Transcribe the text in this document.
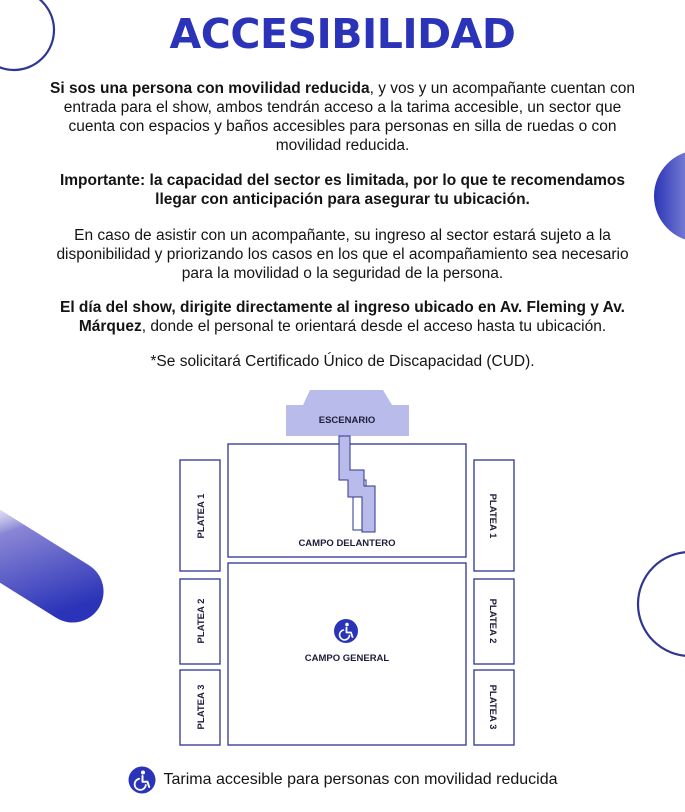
ACCESIBILIDAD

Si sos una persona con movilidad reducida, y vos y un acompañante cuentan con entrada para el show, ambos tendrán acceso a la tarima accesible, un sector que cuenta con espacios y baños accesibles para personas en silla de ruedas o con movilidad reducida.

Importante: la capacidad del sector es limitada, por lo que te recomendamos llegar con anticipación para asegurar tu ubicación.

En caso de asistir con un acompañante, su ingreso al sector estará sujeto a la disponibilidad y priorizando los casos en los que el acompañamiento sea necesario para la movilidad o la seguridad de la persona.

El día del show, dirigite directamente al ingreso ubicado en Av. Fleming y Av. Márquez, donde el personal te orientará desde el acceso hasta tu ubicación.

*Se solicitará Certificado Único de Discapacidad (CUD).

ESCENARIO
CAMPO DELANTERO
CAMPO GENERAL
PLATEA 1
PLATEA 2
PLATEA 3
PLATEA 1
PLATEA 2
PLATEA 3
Tarima accesible para personas con movilidad reducida
